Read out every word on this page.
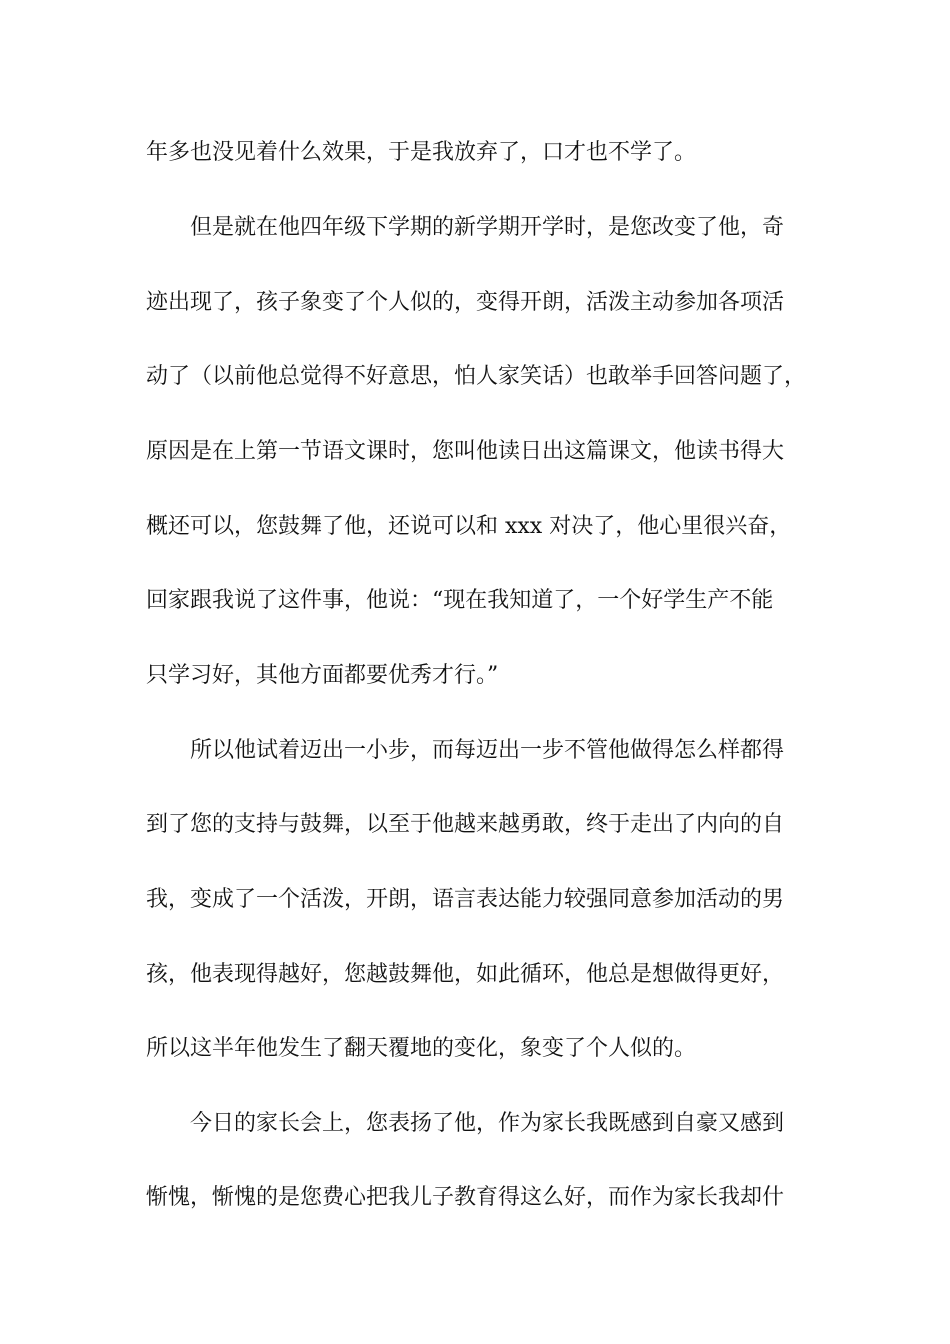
年多也没见着什么效果，于是我放弃了，口才也不学了。
但是就在他四年级下学期的新学期开学时，是您改变了他，奇
迹出现了，孩子象变了个人似的，变得开朗，活泼主动参加各项活
动了（以前他总觉得不好意思，怕人家笑话）也敢举手回答问题了，
原因是在上第一节语文课时，您叫他读日出这篇课文，他读书得大
概还可以，您鼓舞了他，还说可以和 xxx 对决了，他心里很兴奋，
回家跟我说了这件事，他说：“现在我知道了，一个好学生产不能
只学习好，其他方面都要优秀才行。”
所以他试着迈出一小步，而每迈出一步不管他做得怎么样都得
到了您的支持与鼓舞，以至于他越来越勇敢，终于走出了内向的自
我，变成了一个活泼，开朗，语言表达能力较强同意参加活动的男
孩，他表现得越好，您越鼓舞他，如此循环，他总是想做得更好，
所以这半年他发生了翻天覆地的变化，象变了个人似的。
今日的家长会上，您表扬了他，作为家长我既感到自豪又感到
惭愧，惭愧的是您费心把我儿子教育得这么好，而作为家长我却什
